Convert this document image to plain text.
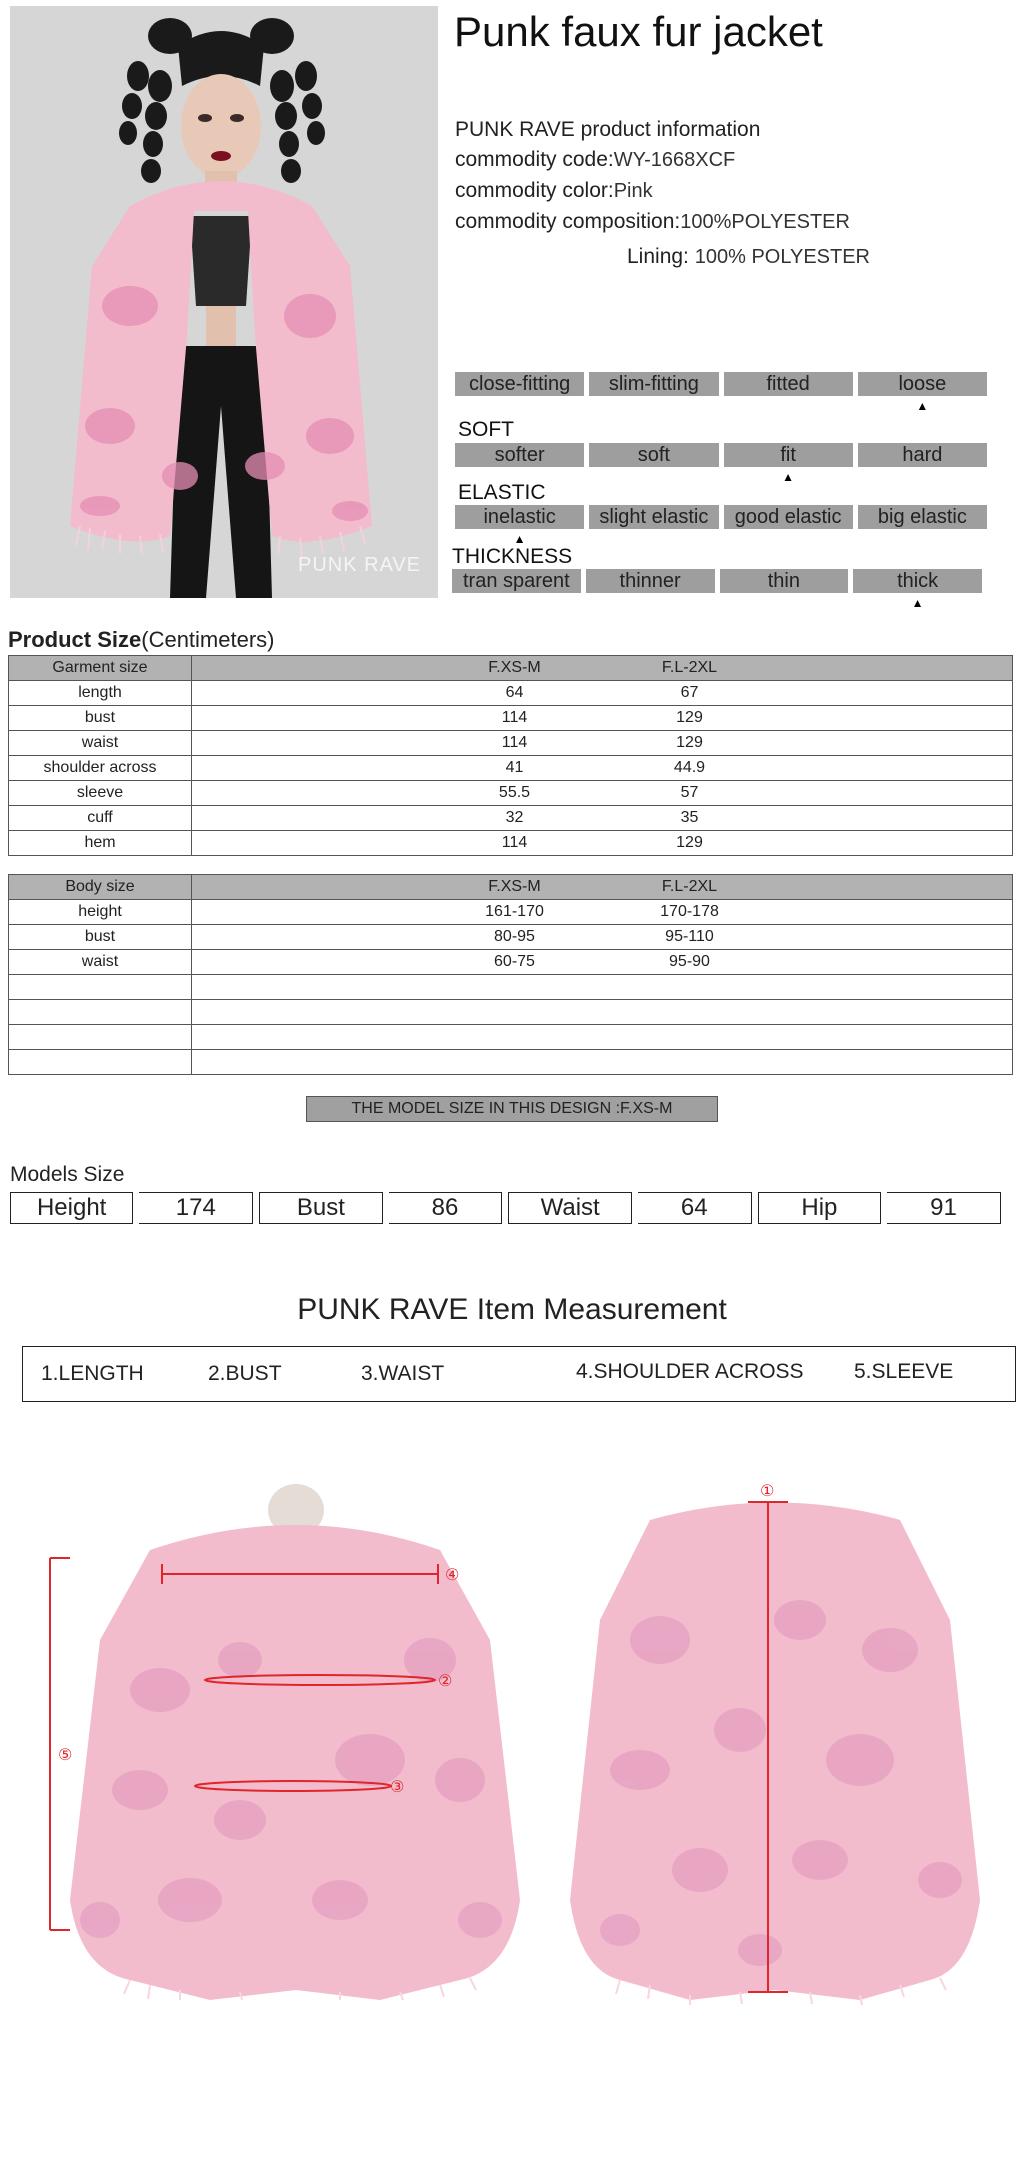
PUNK RAVE
Punk faux fur jacket
PUNK RAVE product information
commodity code:WY-1668XCF
commodity color:Pink
commodity composition:100%POLYESTER
Lining: 100% POLYESTER
close-fitting	slim-fitting	fitted	loose
▲
SOFT
softer	soft	fit
▲
hard
ELASTIC
inelastic
▲
slight elastic	good elastic	big elastic
THICKNESS
tran sparent	thinner	thin	thick
▲
Product Size(Centimeters)
Garment size	F.XS-M F.L-2XL
length	64 67
bust	114 129
waist	114 129
shoulder across	41 44.9
sleeve	55.5 57
cuff	32 35
hem	114 129
Body size	F.XS-M F.L-2XL
height	161-170 170-178
bust	80-95 95-110
waist	60-75 95-90

THE MODEL SIZE IN THIS DESIGN :F.XS-M
Models Size
Height	174	Bust	86	Waist	64	Hip	91
PUNK RAVE Item Measurement
1.LENGTH	2.BUST	3.WAIST	4.SHOULDER ACROSS 5.SLEEVE
④
②
③
⑤
①
